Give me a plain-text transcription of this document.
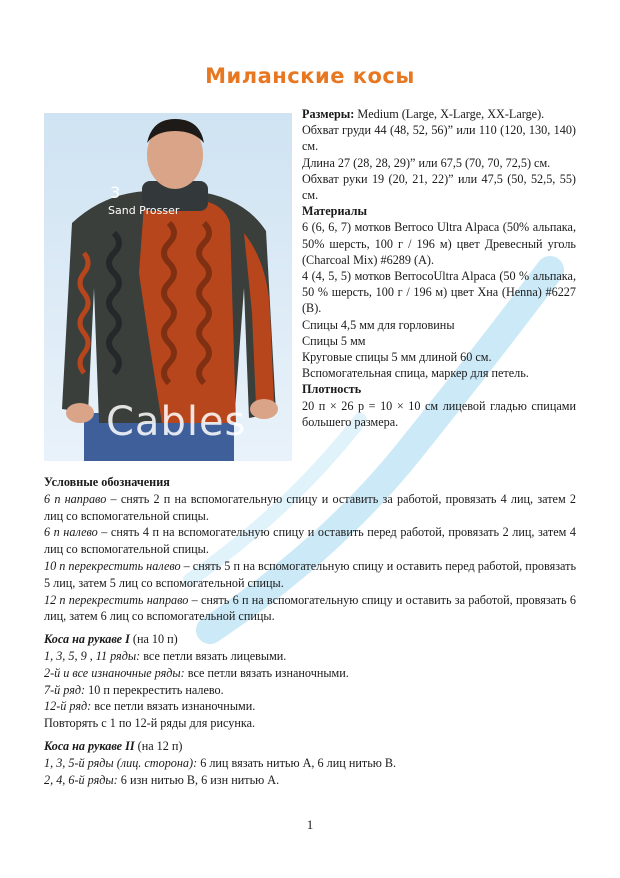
Миланские косы
3
Sand Prosser
Cables

Размеры: Medium (Large, X-Large, XX-Large).

Обхват груди 44 (48, 52, 56)” или 110 (120, 130, 140) см.

Длина 27 (28, 28, 29)” или 67,5 (70, 70, 72,5) см.

Обхват руки 19 (20, 21, 22)” или 47,5 (50, 52,5, 55) см.

Материалы

6 (6, 6, 7) мотков Berroco Ultra Alpaca (50% альпака, 50% шерсть, 100 г / 196 м) цвет Древесный уголь (Charcoal Mix) #6289 (A).

4 (4, 5, 5) мотков BerrocoUltra Alpaca (50 % альпака, 50 % шерсть, 100 г / 196 м) цвет Хна (Henna) #6227 (B).

Спицы 4,5 мм для горловины

Спицы 5 мм

Круговые спицы 5 мм длиной 60 см.

Вспомогательная спица, маркер для петель.

Плотность

20 п × 26 р = 10 × 10 см лицевой гладью спицами большего размера.

Условные обозначения

6 п направо – снять 2 п на вспомогательную спицу и оставить за работой, провязать 4 лиц, затем 2 лиц со вспомогательной спицы.

6 п налево – снять 4 п на вспомогательную спицу и оставить перед работой, провязать 2 лиц, затем 4 лиц со вспомогательной спицы.

10 п перекрестить налево – снять 5 п на вспомогательную спицу и оставить перед работой, провязать 5 лиц, затем 5 лиц со вспомогательной спицы.

12 п перекрестить направо – снять 6 п на вспомогательную спицу и оставить за работой, провязать 6 лиц, затем 6 лиц со вспомогательной спицы.

Коса на рукаве I (на 10 п)

1, 3, 5, 9 , 11 ряды: все петли вязать лицевыми.

2-й и все изнаночные ряды: все петли вязать изнаночными.

7-й ряд: 10 п перекрестить налево.

12-й ряд: все петли вязать изнаночными.

Повторять с 1 по 12-й ряды для рисунка.

Коса на рукаве II (на 12 п)

1, 3, 5-й ряды (лиц. сторона): 6 лиц вязать нитью А, 6 лиц нитью В.

2, 4, 6-й ряды: 6 изн нитью В, 6 изн нитью А.

1
